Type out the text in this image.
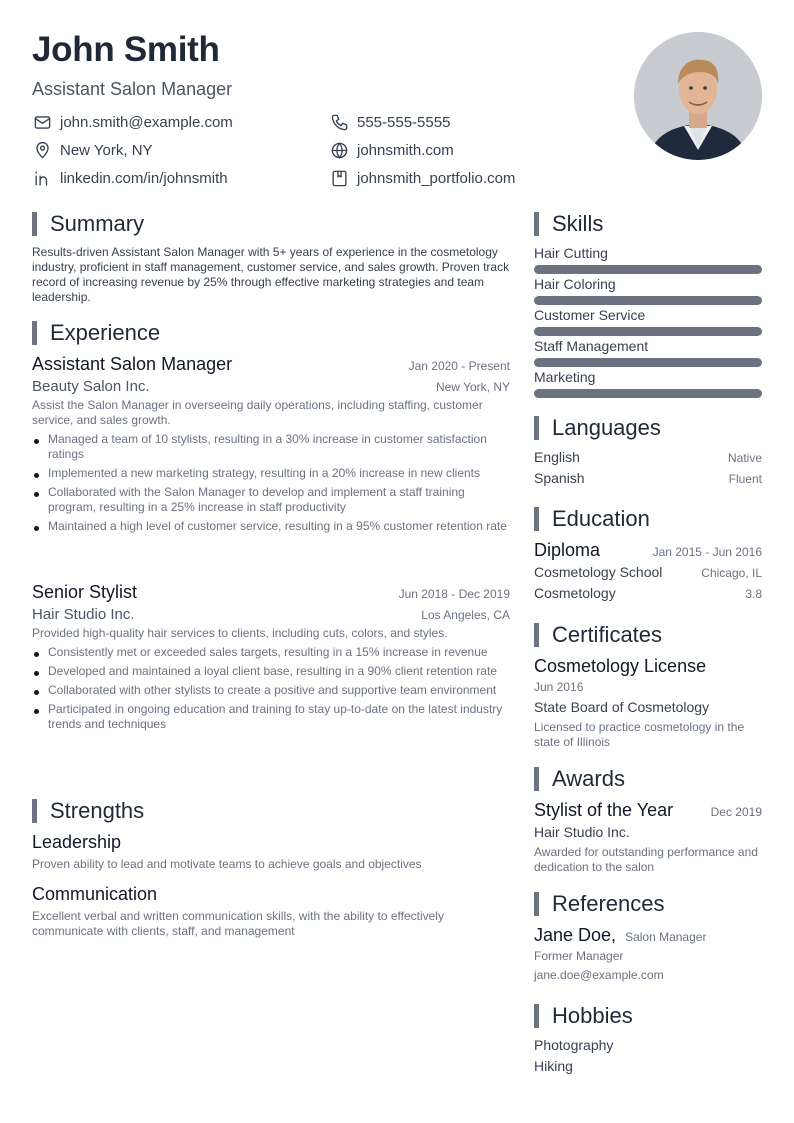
John Smith
Assistant Salon Manager
john.smith@example.com	555-555-5555
New York, NY	johnsmith.com
linkedin.com/in/johnsmith	johnsmith_portfolio.com
Summary
Results-driven Assistant Salon Manager with 5+ years of experience in the cosmetology industry, proficient in staff management, customer service, and sales growth. Proven track record of increasing revenue by 25% through effective marketing strategies and team leadership.
Experience
Assistant Salon Manager	Jan 2020 - Present
Beauty Salon Inc.	New York, NY
Assist the Salon Manager in overseeing daily operations, including staffing, customer service, and sales growth.
Managed a team of 10 stylists, resulting in a 30% increase in customer satisfaction ratings
Implemented a new marketing strategy, resulting in a 20% increase in new clients
Collaborated with the Salon Manager to develop and implement a staff training program, resulting in a 25% increase in staff productivity
Maintained a high level of customer service, resulting in a 95% customer retention rate
Senior Stylist	Jun 2018 - Dec 2019
Hair Studio Inc.	Los Angeles, CA
Provided high-quality hair services to clients, including cuts, colors, and styles.
Consistently met or exceeded sales targets, resulting in a 15% increase in revenue
Developed and maintained a loyal client base, resulting in a 90% client retention rate
Collaborated with other stylists to create a positive and supportive team environment
Participated in ongoing education and training to stay up-to-date on the latest industry trends and techniques
Strengths
Leadership
Proven ability to lead and motivate teams to achieve goals and objectives
Communication
Excellent verbal and written communication skills, with the ability to effectively communicate with clients, staff, and management
Skills
Hair Cutting
Hair Coloring
Customer Service
Staff Management
Marketing
Languages
English	Native
Spanish	Fluent
Education
Diploma	Jan 2015 - Jun 2016
Cosmetology School	Chicago, IL
Cosmetology	3.8
Certificates
Cosmetology License
Jun 2016
State Board of Cosmetology
Licensed to practice cosmetology in the state of Illinois
Awards
Stylist of the Year	Dec 2019
Hair Studio Inc.
Awarded for outstanding performance and dedication to the salon
References
Jane Doe, Salon Manager
Former Manager
jane.doe@example.com
Hobbies
Photography
Hiking
